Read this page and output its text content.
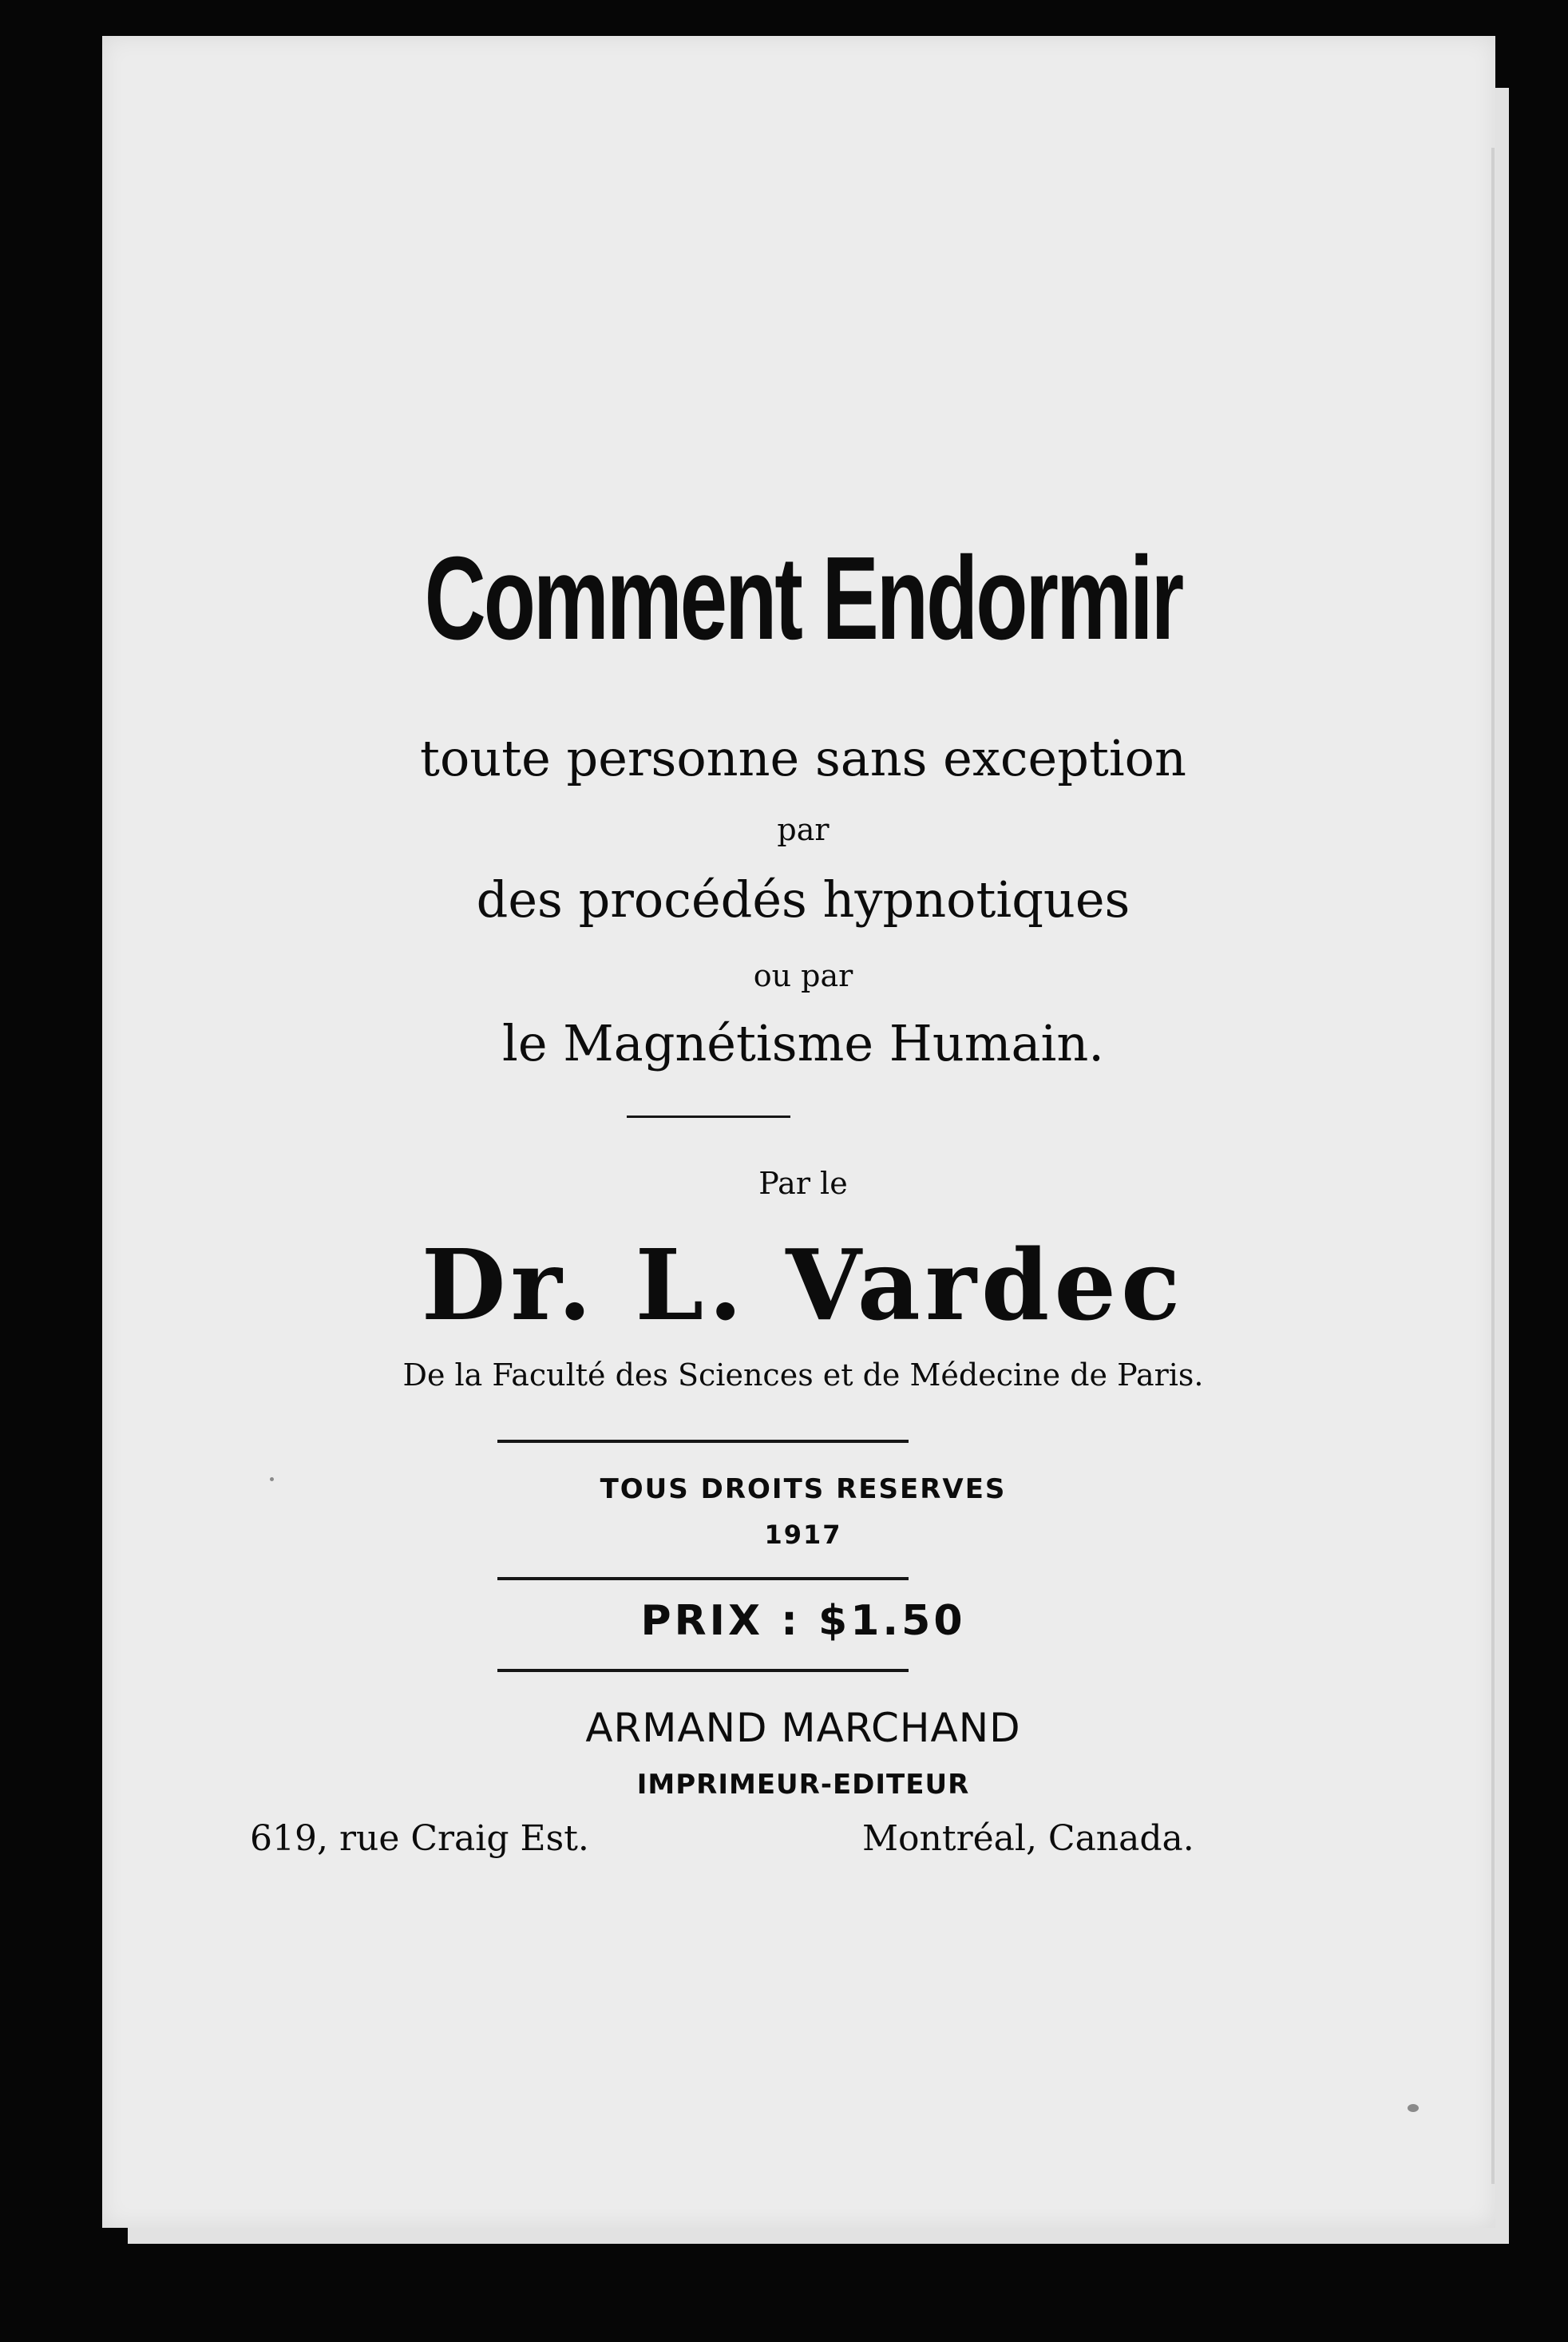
Comment Endormir
toute personne sans exception
par
des procédés hypnotiques
ou par
le Magnétisme Humain.
Par le
Dr. L. Vardec
De la Faculté des Sciences et de Médecine de Paris.
TOUS DROITS RESERVES
1917
PRIX : $1.50
ARMAND MARCHAND
IMPRIMEUR-EDITEUR
619, rue Craig Est.	Montréal, Canada.
